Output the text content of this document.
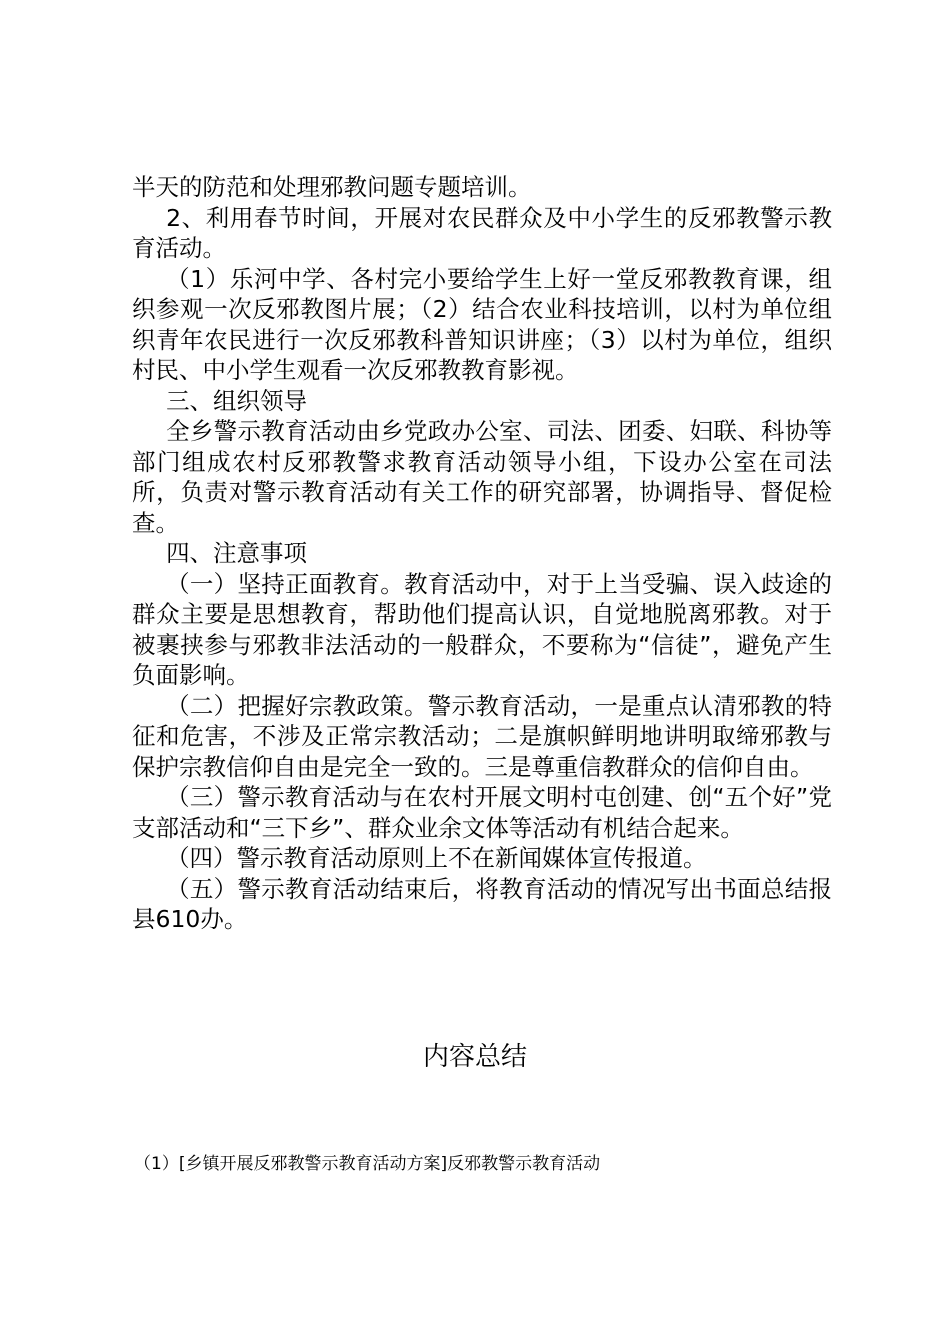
半天的防范和处理邪教问题专题培训。

2、利用春节时间，开展对农民群众及中小学生的反邪教警示教育活动。

（1）乐河中学、各村完小要给学生上好一堂反邪教教育课，组织参观一次反邪教图片展；（2）结合农业科技培训，以村为单位组织青年农民进行一次反邪教科普知识讲座；（3）以村为单位，组织村民、中小学生观看一次反邪教教育影视。

三、组织领导

全乡警示教育活动由乡党政办公室、司法、团委、妇联、科协等部门组成农村反邪教警求教育活动领导小组，下设办公室在司法所，负责对警示教育活动有关工作的研究部署，协调指导、督促检查。

四、注意事项

（一）坚持正面教育。教育活动中，对于上当受骗、误入歧途的群众主要是思想教育，帮助他们提高认识，自觉地脱离邪教。对于被裹挟参与邪教非法活动的一般群众，不要称为“信徒”，避免产生负面影响。

（二）把握好宗教政策。警示教育活动，一是重点认清邪教的特征和危害，不涉及正常宗教活动；二是旗帜鲜明地讲明取缔邪教与保护宗教信仰自由是完全一致的。三是尊重信教群众的信仰自由。

（三）警示教育活动与在农村开展文明村屯创建、创“五个好”党支部活动和“三下乡”、群众业余文体等活动有机结合起来。

（四）警示教育活动原则上不在新闻媒体宣传报道。

（五）警示教育活动结束后，将教育活动的情况写出书面总结报县610办。

内容总结

（1）[乡镇开展反邪教警示教育活动方案]反邪教警示教育活动
